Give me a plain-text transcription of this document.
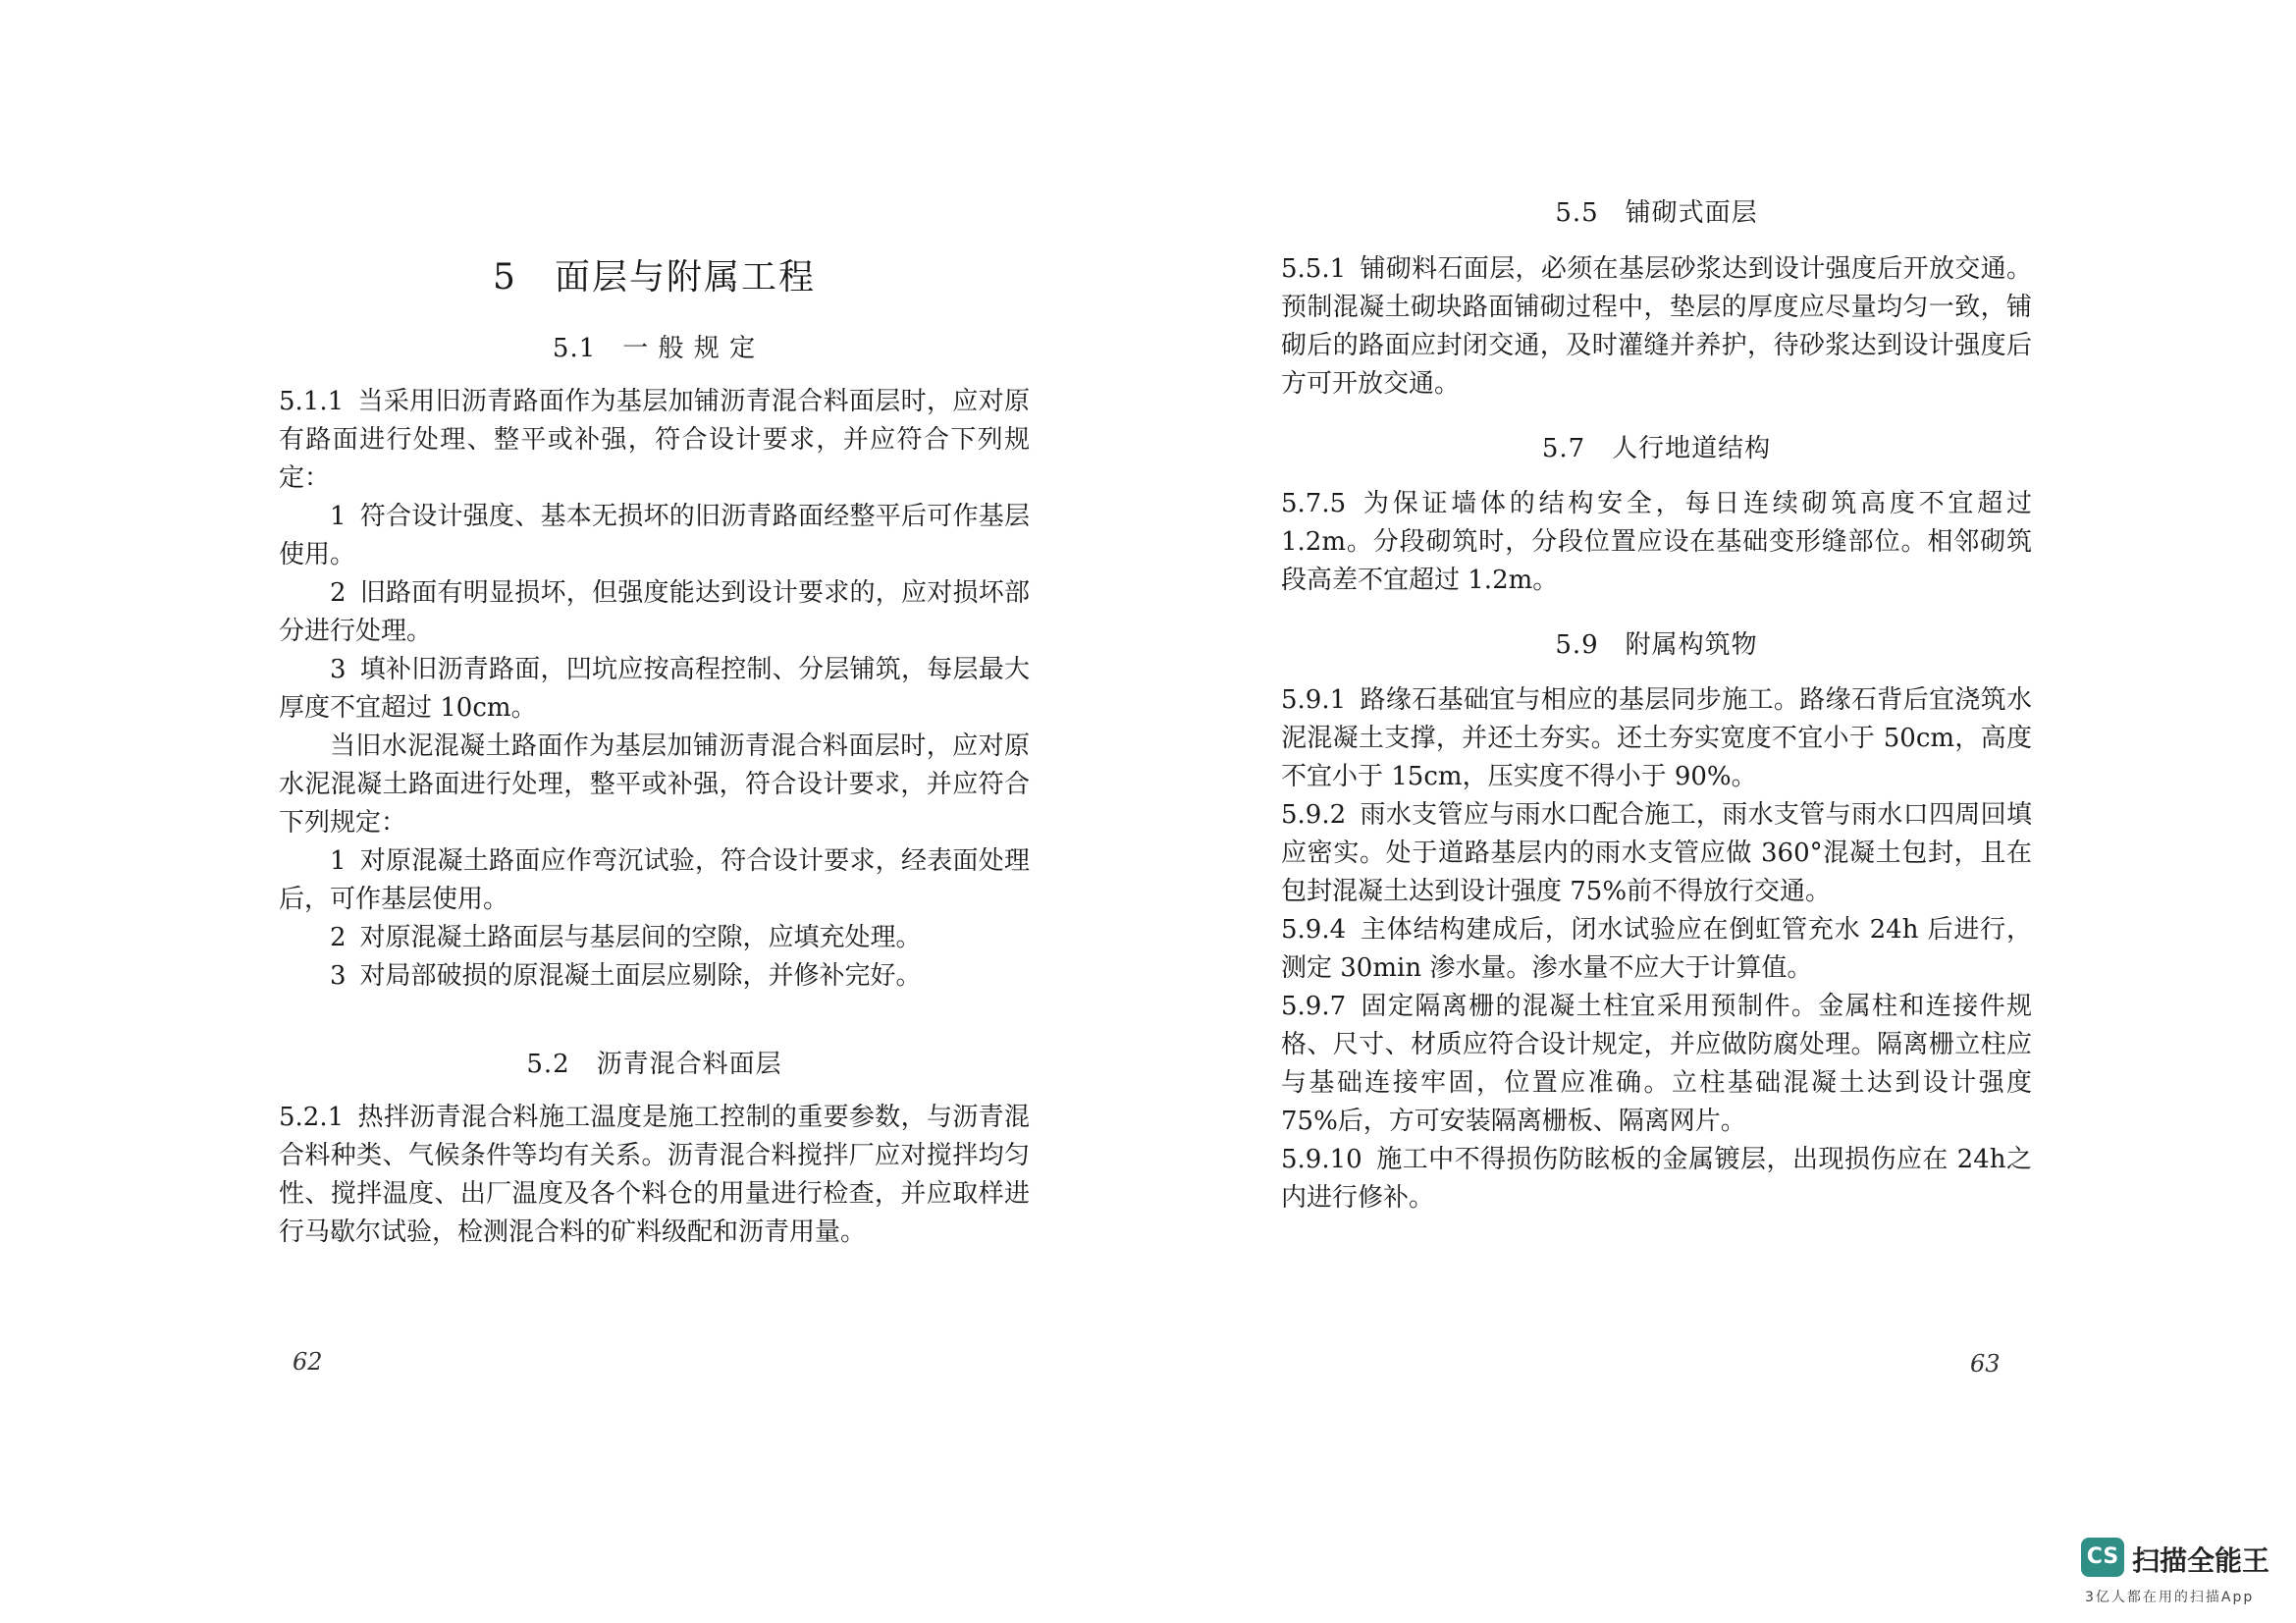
5　面层与附属工程
5.1　一 般 规 定

5.1.1 当采用旧沥青路面作为基层加铺沥青混合料面层时，应对原有路面进行处理、整平或补强，符合设计要求，并应符合下列规定：

1 符合设计强度、基本无损坏的旧沥青路面经整平后可作基层使用。

2 旧路面有明显损坏，但强度能达到设计要求的，应对损坏部分进行处理。

3 填补旧沥青路面，凹坑应按高程控制、分层铺筑，每层最大厚度不宜超过 10cm。

当旧水泥混凝土路面作为基层加铺沥青混合料面层时，应对原水泥混凝土路面进行处理，整平或补强，符合设计要求，并应符合下列规定：

1 对原混凝土路面应作弯沉试验，符合设计要求，经表面处理后，可作基层使用。

2 对原混凝土路面层与基层间的空隙，应填充处理。

3 对局部破损的原混凝土面层应剔除，并修补完好。

5.2　沥青混合料面层

5.2.1 热拌沥青混合料施工温度是施工控制的重要参数，与沥青混合料种类、气候条件等均有关系。沥青混合料搅拌厂应对搅拌均匀性、搅拌温度、出厂温度及各个料仓的用量进行检查，并应取样进行马歇尔试验，检测混合料的矿料级配和沥青用量。

62
5.5　铺砌式面层

5.5.1 铺砌料石面层，必须在基层砂浆达到设计强度后开放交通。预制混凝土砌块路面铺砌过程中，垫层的厚度应尽量均匀一致，铺砌后的路面应封闭交通，及时灌缝并养护，待砂浆达到设计强度后方可开放交通。

5.7　人行地道结构

5.7.5 为保证墙体的结构安全，每日连续砌筑高度不宜超过1.2m。分段砌筑时，分段位置应设在基础变形缝部位。相邻砌筑段高差不宜超过 1.2m。

5.9　附属构筑物

5.9.1 路缘石基础宜与相应的基层同步施工。路缘石背后宜浇筑水泥混凝土支撑，并还土夯实。还土夯实宽度不宜小于 50cm，高度不宜小于 15cm，压实度不得小于 90%。

5.9.2 雨水支管应与雨水口配合施工，雨水支管与雨水口四周回填应密实。处于道路基层内的雨水支管应做 360°混凝土包封，且在包封混凝土达到设计强度 75%前不得放行交通。

5.9.4 主体结构建成后，闭水试验应在倒虹管充水 24h 后进行，测定 30min 渗水量。渗水量不应大于计算值。

5.9.7 固定隔离栅的混凝土柱宜采用预制件。金属柱和连接件规格、尺寸、材质应符合设计规定，并应做防腐处理。隔离栅立柱应与基础连接牢固，位置应准确。立柱基础混凝土达到设计强度 75%后，方可安装隔离栅板、隔离网片。

5.9.10 施工中不得损伤防眩板的金属镀层，出现损伤应在 24h之内进行修补。

63
CS 扫描全能王
3亿人都在用的扫描App
